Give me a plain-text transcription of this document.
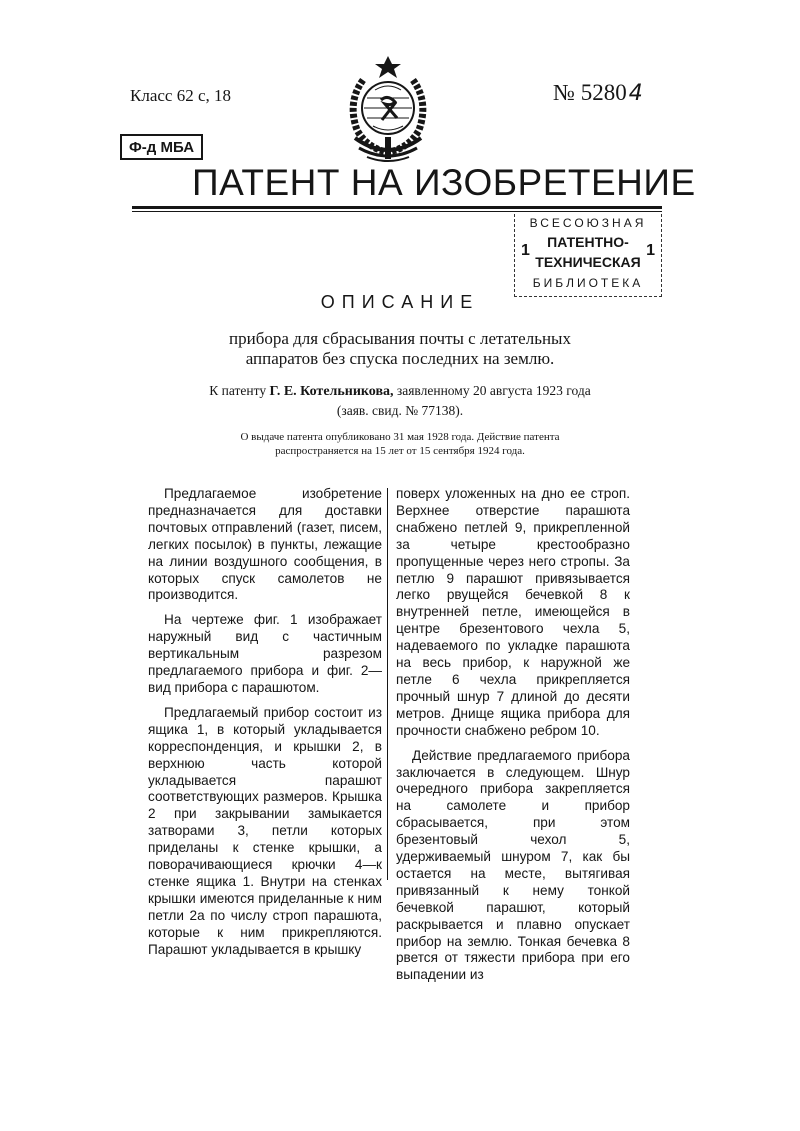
Класс 62 с, 18	№ 52804
Ф-д МБА
ПАТЕНТ НА ИЗОБРЕТЕНИЕ
ВСЕСОЮЗНАЯ
ПАТЕНТНО-
ТЕХНИЧЕСКАЯ
БИБЛИОТЕКА
1	1
ОПИСАНИЕ
прибора для сбрасывания почты с летательных
аппаратов без спуска последних на землю.
К патенту Г. Е. Котельникова, заявленному 20 августа 1923 года
(заяв. свид. № 77138).
О выдаче патента опубликовано 31 мая 1928 года. Действие патента
распространяется на 15 лет от 15 сентября 1924 года.

Предлагаемое изобретение предназначается для доставки почтовых отправлений (газет, писем, легких посылок) в пункты, лежащие на линии воздушного сообщения, в которых спуск самолетов не производится.

На чертеже фиг. 1 изображает наружный вид с частичным вертикальным разрезом предлагаемого прибора и фиг. 2—вид прибора с парашютом.

Предлагаемый прибор состоит из ящика 1, в который укладывается корреспонденция, и крышки 2, в верхнюю часть которой укладывается парашют соответствующих размеров. Крышка 2 при закрывании замыкается затворами 3, петли которых приделаны к стенке крышки, а поворачивающиеся крючки 4—к стенке ящика 1. Внутри на стенках крышки имеются приделанные к ним петли 2а по числу строп парашюта, которые к ним прикрепляются. Парашют укладывается в крышку

поверх уложенных на дно ее строп. Верхнее отверстие парашюта снабжено петлей 9, прикрепленной за четыре крестообразно пропущенные через него стропы. За петлю 9 парашют привязывается легко рвущейся бечевкой 8 к внутренней петле, имеющейся в центре брезентового чехла 5, надеваемого по укладке парашюта на весь прибор, к наружной же петле 6 чехла прикрепляется прочный шнур 7 длиной до десяти метров. Днище ящика прибора для прочности снабжено ребром 10.

Действие предлагаемого прибора заключается в следующем. Шнур очередного прибора закрепляется на самолете и прибор сбрасывается, при этом брезентовый чехол 5, удерживаемый шнуром 7, как бы остается на месте, вытягивая привязанный к нему тонкой бечевкой парашют, который раскрывается и плавно опускает прибор на землю. Тонкая бечевка 8 рвется от тяжести прибора при его выпадении из
